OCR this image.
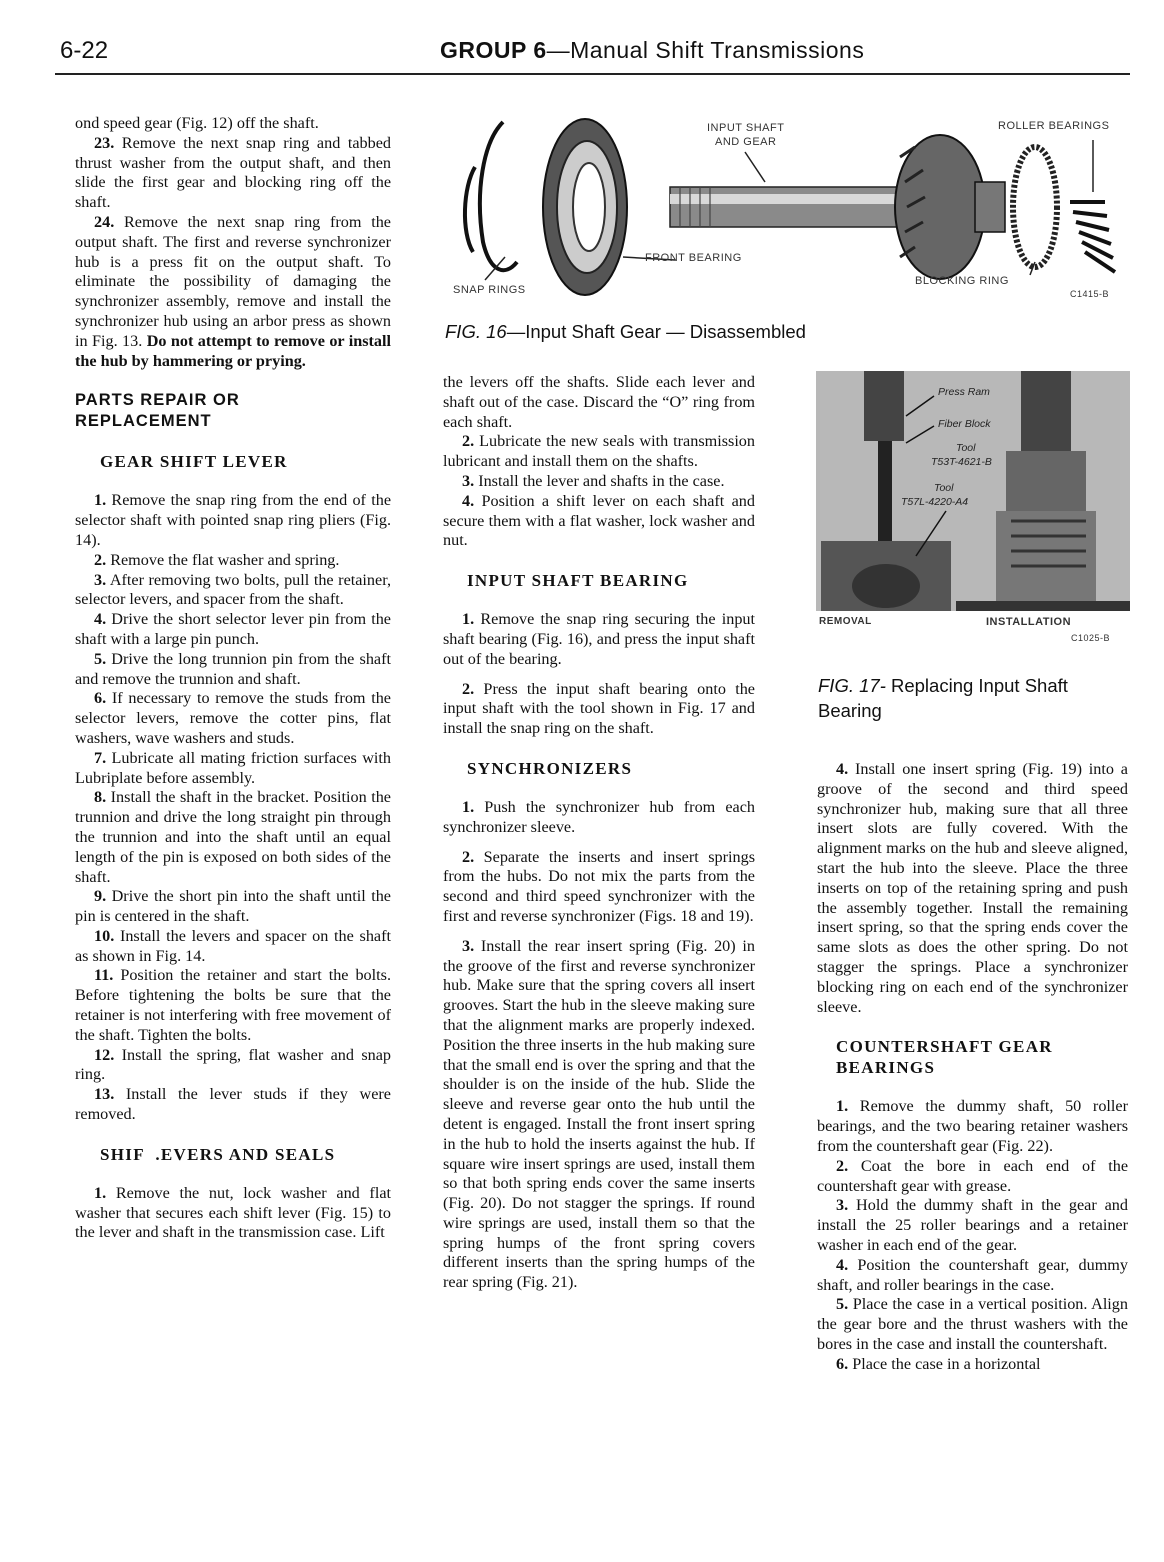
6-22	GROUP 6—Manual Shift Transmissions

ond speed gear (Fig. 12) off the shaft.

23. Remove the next snap ring and tabbed thrust washer from the output shaft, and then slide the first gear and blocking ring off the shaft.

24. Remove the next snap ring from the output shaft. The first and reverse synchronizer hub is a press fit on the output shaft. To eliminate the possibility of damaging the synchronizer assembly, remove and install the synchronizer hub using an arbor press as shown in Fig. 13. Do not attempt to remove or install the hub by hammering or prying.

PARTS REPAIR OR
REPLACEMENT

GEAR SHIFT LEVER

1. Remove the snap ring from the end of the selector shaft with pointed snap ring pliers (Fig. 14).

2. Remove the flat washer and spring.

3. After removing two bolts, pull the retainer, selector levers, and spacer from the shaft.

4. Drive the short selector lever pin from the shaft with a large pin punch.

5. Drive the long trunnion pin from the shaft and remove the trunnion and shaft.

6. If necessary to remove the studs from the selector levers, remove the cotter pins, flat washers, wave washers and studs.

7. Lubricate all mating friction surfaces with Lubriplate before assembly.

8. Install the shaft in the bracket. Position the trunnion and drive the long straight pin through the trunnion and into the shaft until an equal length of the pin is exposed on both sides of the shaft.

9. Drive the short pin into the shaft until the pin is centered in the shaft.

10. Install the levers and spacer on the shaft as shown in Fig. 14.

11. Position the retainer and start the bolts. Before tightening the bolts be sure that the retainer is not interfering with free movement of the shaft. Tighten the bolts.

12. Install the spring, flat washer and snap ring.

13. Install the lever studs if they were removed.

SHIF  .EVERS AND SEALS

1. Remove the nut, lock washer and flat washer that secures each shift lever (Fig. 15) to the lever and shaft in the transmission case. Lift

INPUT SHAFT
AND GEAR
ROLLER BEARINGS
FRONT BEARING
SNAP RINGS
BLOCKING RING
C1415-B
FIG. 16—Input Shaft Gear — Disassembled

the levers off the shafts. Slide each lever and shaft out of the case. Discard the “O” ring from each shaft.

2. Lubricate the new seals with transmission lubricant and install them on the shafts.

3. Install the lever and shafts in the case.

4. Position a shift lever on each shaft and secure them with a flat washer, lock washer and nut.

INPUT SHAFT BEARING

1. Remove the snap ring securing the input shaft bearing (Fig. 16), and press the input shaft out of the bearing.

2. Press the input shaft bearing onto the input shaft with the tool shown in Fig. 17 and install the snap ring on the shaft.

SYNCHRONIZERS

1. Push the synchronizer hub from each synchronizer sleeve.

2. Separate the inserts and insert springs from the hubs. Do not mix the parts from the second and third speed synchronizer with the first and reverse synchronizer (Figs. 18 and 19).

3. Install the rear insert spring (Fig. 20) in the groove of the first and reverse synchronizer hub. Make sure that the spring covers all insert grooves. Start the hub in the sleeve making sure that the alignment marks are properly indexed. Position the three inserts in the hub making sure that the small end is over the spring and that the shoulder is on the inside of the hub. Slide the sleeve and reverse gear onto the hub until the detent is engaged. Install the front insert spring in the hub to hold the inserts against the hub. If square wire insert springs are used, install them so that both spring ends cover the same inserts (Fig. 20). Do not stagger the springs. If round wire springs are used, install them so that the spring humps of the front spring covers different inserts than the spring humps of the rear spring (Fig. 21).

Press Ram
Fiber Block
Tool
T53T-4621-B
Tool
T57L-4220-A4
REMOVAL	INSTALLATION
C1025-B
FIG. 17- Replacing Input Shaft
Bearing

4. Install one insert spring (Fig. 19) into a groove of the second and third speed synchronizer hub, making sure that all three insert slots are fully covered. With the alignment marks on the hub and sleeve aligned, start the hub into the sleeve. Place the three inserts on top of the retaining spring and push the assembly together. Install the remaining insert spring, so that the spring ends cover the same slots as does the other spring. Do not stagger the springs. Place a synchronizer blocking ring on each end of the synchronizer sleeve.

COUNTERSHAFT GEAR
BEARINGS

1. Remove the dummy shaft, 50 roller bearings, and the two bearing retainer washers from the countershaft gear (Fig. 22).

2. Coat the bore in each end of the countershaft gear with grease.

3. Hold the dummy shaft in the gear and install the 25 roller bearings and a retainer washer in each end of the gear.

4. Position the countershaft gear, dummy shaft, and roller bearings in the case.

5. Place the case in a vertical position. Align the gear bore and the thrust washers with the bores in the case and install the countershaft.

6. Place the case in a horizontal
